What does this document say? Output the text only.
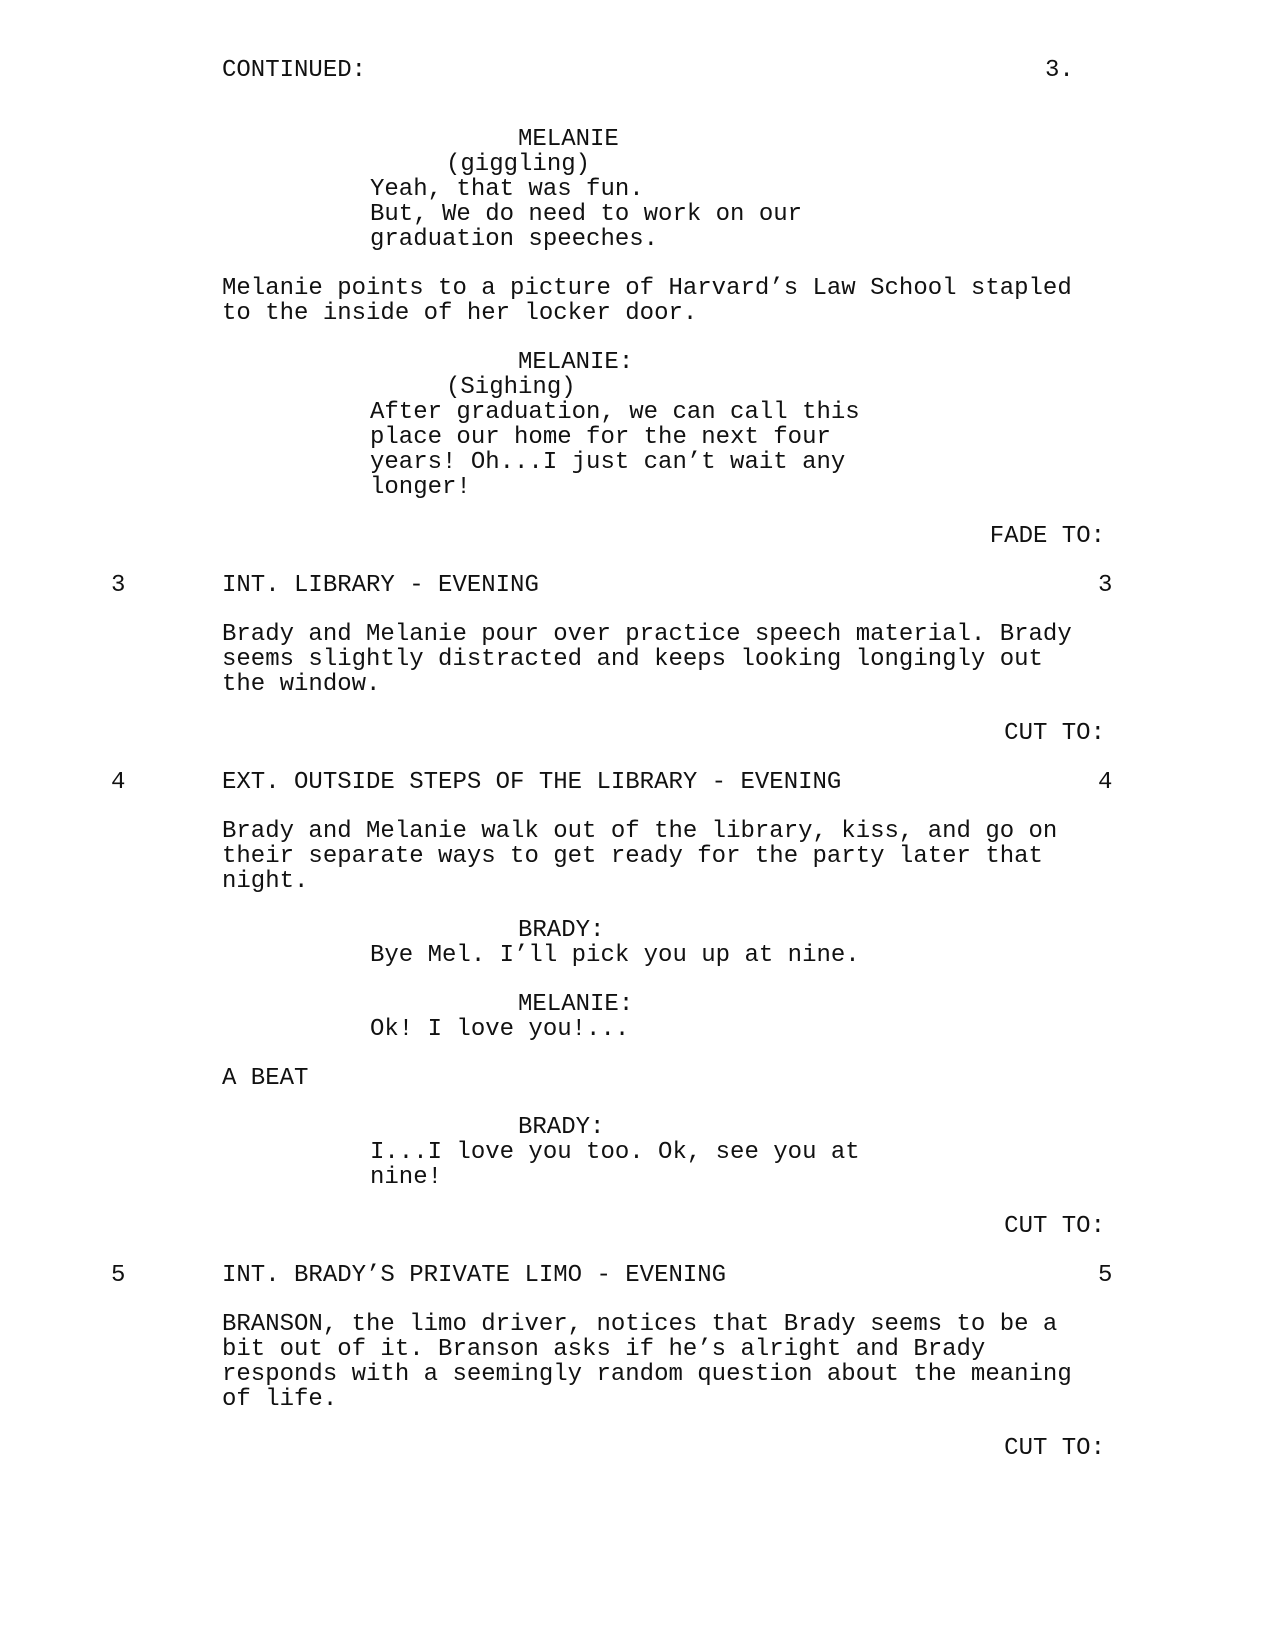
CONTINUED:	3.
MELANIE
(giggling)
Yeah, that was fun.
But, We do need to work on our
graduation speeches.
Melanie points to a picture of Harvard’s Law School stapled
to the inside of her locker door.
MELANIE:
(Sighing)
After graduation, we can call this
place our home for the next four
years! Oh...I just can’t wait any
longer!
FADE TO:
3	INT. LIBRARY - EVENING	3
Brady and Melanie pour over practice speech material. Brady
seems slightly distracted and keeps looking longingly out
the window.
CUT TO:
4	EXT. OUTSIDE STEPS OF THE LIBRARY - EVENING	4
Brady and Melanie walk out of the library, kiss, and go on
their separate ways to get ready for the party later that
night.
BRADY:
Bye Mel. I’ll pick you up at nine.
MELANIE:
Ok! I love you!...
A BEAT
BRADY:
I...I love you too. Ok, see you at
nine!
CUT TO:
5	INT. BRADY’S PRIVATE LIMO - EVENING	5
BRANSON, the limo driver, notices that Brady seems to be a
bit out of it. Branson asks if he’s alright and Brady
responds with a seemingly random question about the meaning
of life.
CUT TO:
